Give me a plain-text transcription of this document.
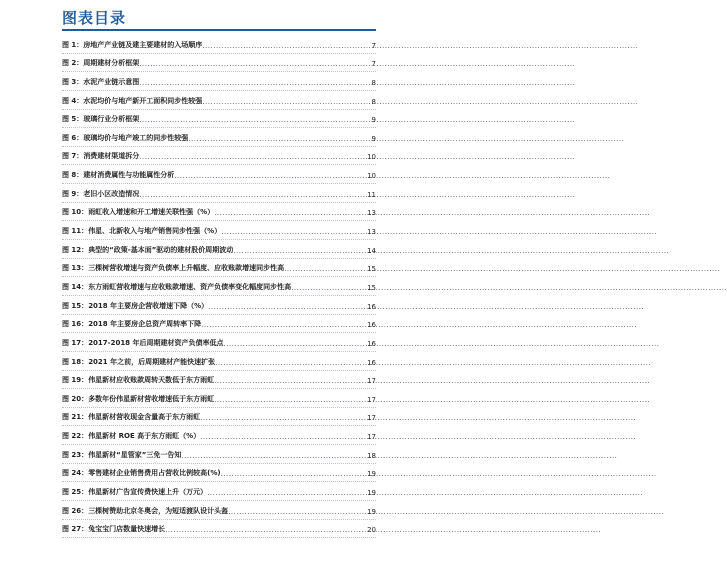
图表目录
图 1： 房地产产业链及建主要建材的入场顺序 .....	7
图 2： 周期建材分析框架 .....	7
图 3： 水泥产业链示意图 .....	8
图 4： 水泥均价与地产新开工面积同步性较强 .....	8
图 5： 玻璃行业分析框架 .....	9
图 6： 玻璃均价与地产竣工的同步性较强 .....	9
图 7： 消费建材渠道拆分 .....	10
图 8： 建材消费属性与功能属性分析 .....	10
图 9： 老旧小区改造情况 .....	11
图 10： 雨虹收入增速和开工增速关联性强（%） .....	13
图 11： 伟星、北新收入与地产销售同步性强（%） .....	13
图 12： 典型的“政策-基本面”驱动的建材股价周期波动 .....	14
图 13： 三棵树营收增速与资产负债率上升幅度、应收账款增速同步性高 .....	15
图 14： 东方雨虹营收增速与应收账款增速、资产负债率变化幅度同步性高 .....	15
图 15： 2018 年主要房企营收增速下降（%） .....	16
图 16： 2018 年主要房企总资产周转率下降 .....	16
图 17： 2017-2018 年后周期建材资产负债率低点 .....	16
图 18： 2021 年之前，后周期建材产能快速扩张 .....	16
图 19： 伟星新材应收账款周转天数低于东方雨虹 .....	17
图 20： 多数年份伟星新材营收增速低于东方雨虹 .....	17
图 21： 伟星新材营收现金含量高于东方雨虹 .....	17
图 22： 伟星新材 ROE 高于东方雨虹（%） .....	17
图 23： 伟星新材“星管家”三免一告知 .....	18
图 24： 零售建材企业销售费用占营收比例较高(%) .....	19
图 25： 伟星新材广告宣传费快速上升（万元） .....	19
图 26： 三棵树赞助北京冬奥会，为短适渡队设计头盔 .....	19
图 27： 兔宝宝门店数量快速增长 .....	20
